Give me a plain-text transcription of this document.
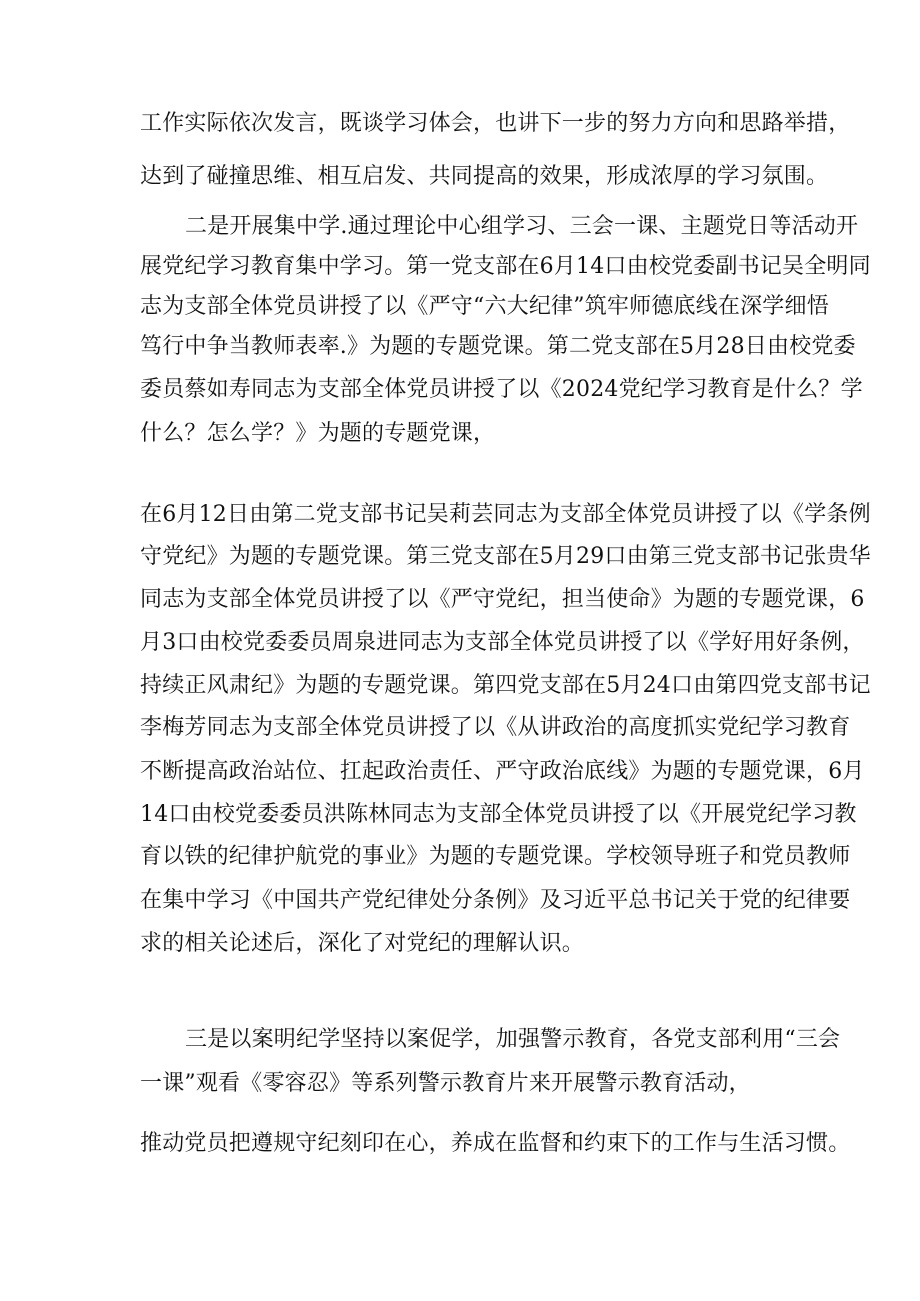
工作实际依次发言，既谈学习体会，也讲下一步的努力方向和思路举措，

达到了碰撞思维、相互启发、共同提高的效果，形成浓厚的学习氛围。

二是开展集中学.通过理论中心组学习、三会一课、主题党日等活动开

展党纪学习教育集中学习。第一党支部在6月14口由校党委副书记吴全明同

志为支部全体党员讲授了以《严守“六大纪律”筑牢师德底线在深学细悟

笃行中争当教师表率.》为题的专题党课。第二党支部在5月28日由校党委

委员蔡如寿同志为支部全体党员讲授了以《2024党纪学习教育是什么？学

什么？怎么学？》为题的专题党课，

在6月12日由第二党支部书记吴莉芸同志为支部全体党员讲授了以《学条例

守党纪》为题的专题党课。第三党支部在5月29口由第三党支部书记张贵华

同志为支部全体党员讲授了以《严守党纪，担当使命》为题的专题党课，6

月3口由校党委委员周泉进同志为支部全体党员讲授了以《学好用好条例，

持续正风肃纪》为题的专题党课。第四党支部在5月24口由第四党支部书记

李梅芳同志为支部全体党员讲授了以《从讲政治的高度抓实党纪学习教育

不断提高政治站位、扛起政治责任、严守政治底线》为题的专题党课，6月

14口由校党委委员洪陈林同志为支部全体党员讲授了以《开展党纪学习教

育以铁的纪律护航党的事业》为题的专题党课。学校领导班子和党员教师

在集中学习《中国共产党纪律处分条例》及习近平总书记关于党的纪律要

求的相关论述后，深化了对党纪的理解认识。

三是以案明纪学坚持以案促学，加强警示教育，各党支部利用“三会

一课”观看《零容忍》等系列警示教育片来开展警示教育活动，

推动党员把遵规守纪刻印在心，养成在监督和约束下的工作与生活习惯。
